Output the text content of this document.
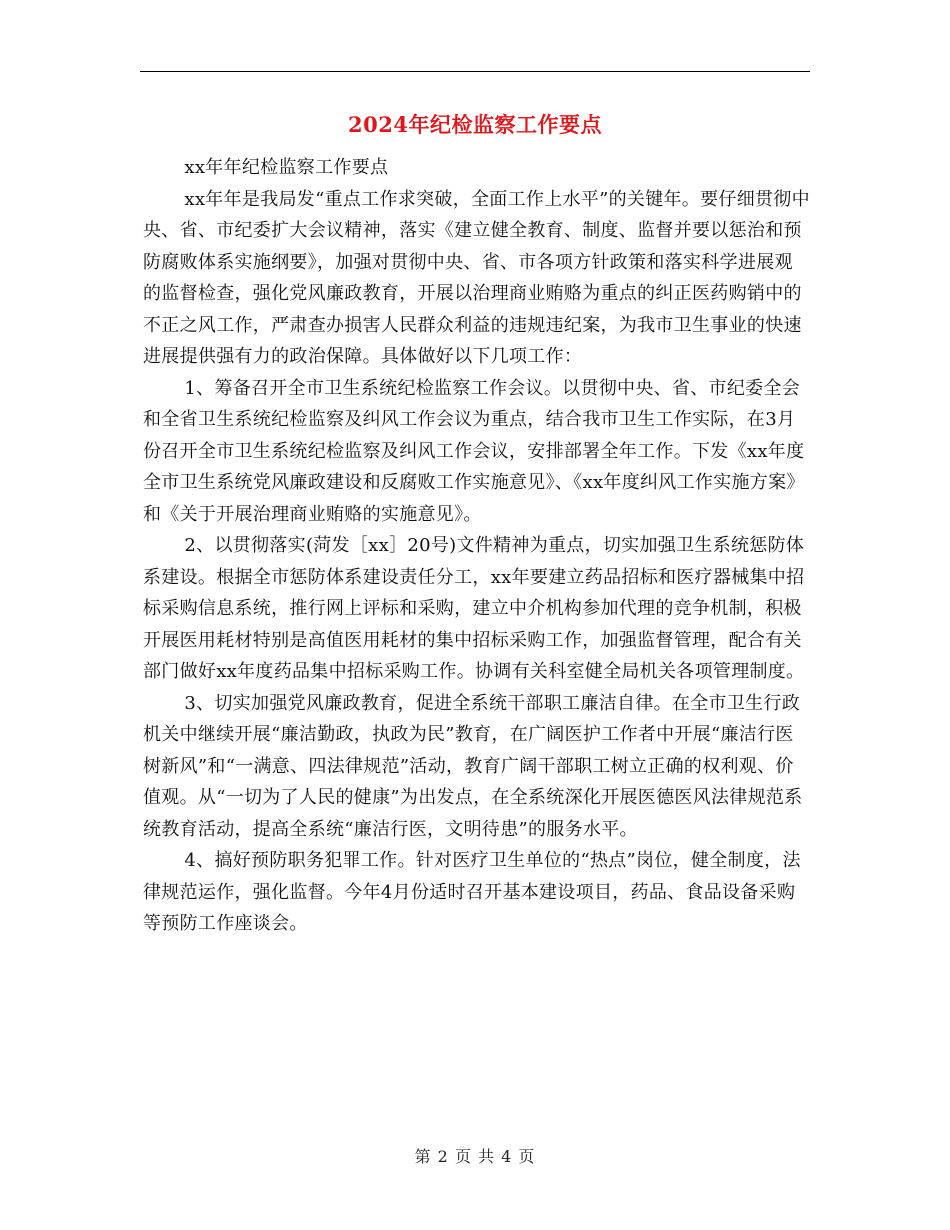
2024年纪检监察工作要点

xx年年纪检监察工作要点

xx年年是我局发“重点工作求突破，全面工作上水平”的关键年。要仔细贯彻中央、省、市纪委扩大会议精神，落实《建立健全教育、制度、监督并要以惩治和预防腐败体系实施纲要》，加强对贯彻中央、省、市各项方针政策和落实科学进展观的监督检查，强化党风廉政教育，开展以治理商业贿赂为重点的纠正医药购销中的不正之风工作，严肃查办损害人民群众利益的违规违纪案，为我市卫生事业的快速进展提供强有力的政治保障。具体做好以下几项工作：

1、筹备召开全市卫生系统纪检监察工作会议。以贯彻中央、省、市纪委全会和全省卫生系统纪检监察及纠风工作会议为重点，结合我市卫生工作实际，在3月份召开全市卫生系统纪检监察及纠风工作会议，安排部署全年工作。下发《xx年度全市卫生系统党风廉政建设和反腐败工作实施意见》、《xx年度纠风工作实施方案》和《关于开展治理商业贿赂的实施意见》。

2、以贯彻落实(菏发［xx］20号)文件精神为重点，切实加强卫生系统惩防体系建设。根据全市惩防体系建设责任分工，xx年要建立药品招标和医疗器械集中招标采购信息系统，推行网上评标和采购，建立中介机构参加代理的竞争机制，积极开展医用耗材特别是高值医用耗材的集中招标采购工作，加强监督管理，配合有关部门做好xx年度药品集中招标采购工作。协调有关科室健全局机关各项管理制度。

3、切实加强党风廉政教育，促进全系统干部职工廉洁自律。在全市卫生行政机关中继续开展“廉洁勤政，执政为民”教育，在广阔医护工作者中开展“廉洁行医树新风”和“一满意、四法律规范”活动，教育广阔干部职工树立正确的权利观、价值观。从“一切为了人民的健康”为出发点，在全系统深化开展医德医风法律规范系统教育活动，提高全系统“廉洁行医，文明待患”的服务水平。

4、搞好预防职务犯罪工作。针对医疗卫生单位的“热点”岗位，健全制度，法律规范运作，强化监督。今年4月份适时召开基本建设项目，药品、食品设备采购等预防工作座谈会。

第 2 页 共 4 页
